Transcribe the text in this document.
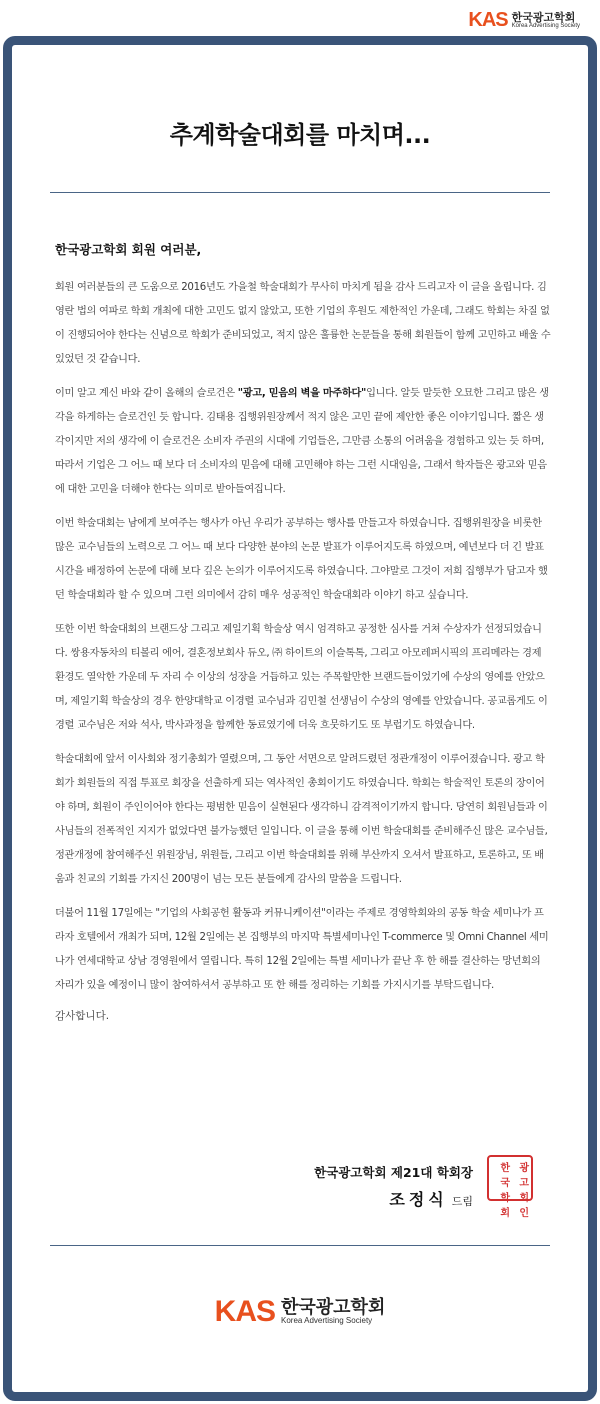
KAS 한국광고학회
Korea Advertising Society
추계학술대회를 마치며...
한국광고학회 회원 여러분,

회원 여러분들의 큰 도움으로 2016년도 가을철 학술대회가 무사히 마치게 됨을 감사 드리고자 이 글을 올립니다. 김영란 법의 여파로 학회 개최에 대한 고민도 없지 않았고, 또한 기업의 후원도 제한적인 가운데, 그래도 학회는 차질 없이 진행되어야 한다는 신념으로 학회가 준비되었고, 적지 않은 훌륭한 논문들을 통해 회원들이 함께 고민하고 배울 수 있었던 것 같습니다.

이미 알고 계신 바와 같이 올해의 슬로건은 "광고, 믿음의 벽을 마주하다"입니다. 알듯 말듯한 오묘한 그리고 많은 생각을 하게하는 슬로건인 듯 합니다. 김태용 집행위원장께서 적지 않은 고민 끝에 제안한 좋은 이야기입니다. 짧은 생각이지만 저의 생각에 이 슬로건은 소비자 주권의 시대에 기업들은, 그만큼 소통의 어려움을 경험하고 있는 듯 하며, 따라서 기업은 그 어느 때 보다 더 소비자의 믿음에 대해 고민해야 하는 그런 시대임을, 그래서 학자들은 광고와 믿음에 대한 고민을 더해야 한다는 의미로 받아들여집니다.

이번 학술대회는 남에게 보여주는 행사가 아닌 우리가 공부하는 행사를 만들고자 하였습니다. 집행위원장을 비롯한 많은 교수님들의 노력으로 그 어느 때 보다 다양한 분야의 논문 발표가 이루어지도록 하였으며, 예년보다 더 긴 발표시간을 배정하여 논문에 대해 보다 깊은 논의가 이루어지도록 하였습니다. 그야말로 그것이 저희 집행부가 담고자 했던 학술대회라 할 수 있으며 그런 의미에서 감히 매우 성공적인 학술대회라 이야기 하고 싶습니다.

또한 이번 학술대회의 브랜드상 그리고 제일기획 학술상 역시 엄격하고 공정한 심사를 거쳐 수상자가 선정되었습니다. 쌍용자동차의 티볼리 에어, 결혼정보회사 듀오, ㈜ 하이트의 이슬톡톡, 그리고 아모레퍼시픽의 프리메라는 경제 환경도 열악한 가운데 두 자리 수 이상의 성장을 거듭하고 있는 주목할만한 브랜드들이었기에 수상의 영예를 안았으며, 제일기획 학술상의 경우 한양대학교 이경렬 교수님과 김민철 선생님이 수상의 영예를 안았습니다. 공교롭게도 이경렬 교수님은 저와 석사, 박사과정을 함께한 동료였기에 더욱 흐뭇하기도 또 부럽기도 하였습니다.

학술대회에 앞서 이사회와 정기총회가 열렸으며, 그 동안 서면으로 알려드렸던 정관개정이 이루어졌습니다. 광고 학회가 회원들의 직접 투표로 회장을 선출하게 되는 역사적인 총회이기도 하였습니다. 학회는 학술적인 토론의 장이어야 하며, 회원이 주인이어야 한다는 평범한 믿음이 실현된다 생각하니 감격적이기까지 합니다. 당연히 회원님들과 이사님들의 전폭적인 지지가 없었다면 불가능했던 일입니다. 이 글을 통해 이번 학술대회를 준비해주신 많은 교수님들, 정관개정에 참여해주신 위원장님, 위원들, 그리고 이번 학술대회를 위해 부산까지 오셔서 발표하고, 토론하고, 또 배움과 친교의 기회를 가지신 200명이 넘는 모든 분들에게 감사의 말씀을 드립니다.

더불어 11월 17일에는 "기업의 사회공헌 활동과 커뮤니케이션"이라는 주제로 경영학회와의 공동 학술 세미나가 프라자 호텔에서 개최가 되며, 12월 2일에는 본 집행부의 마지막 특별세미나인 T-commerce 및 Omni Channel 세미나가 연세대학교 상남 경영원에서 열립니다. 특히 12월 2일에는 특별 세미나가 끝난 후 한 해를 결산하는 망년회의 자리가 있을 예정이니 많이 참여하셔서 공부하고 또 한 해를 정리하는 기회를 가지시기를 부탁드립니다.

감사합니다.

한국광고학회 제21대 학회장
조정식 드림
한국
광고
학회
회인
KAS 한국광고학회
Korea Advertising Society
